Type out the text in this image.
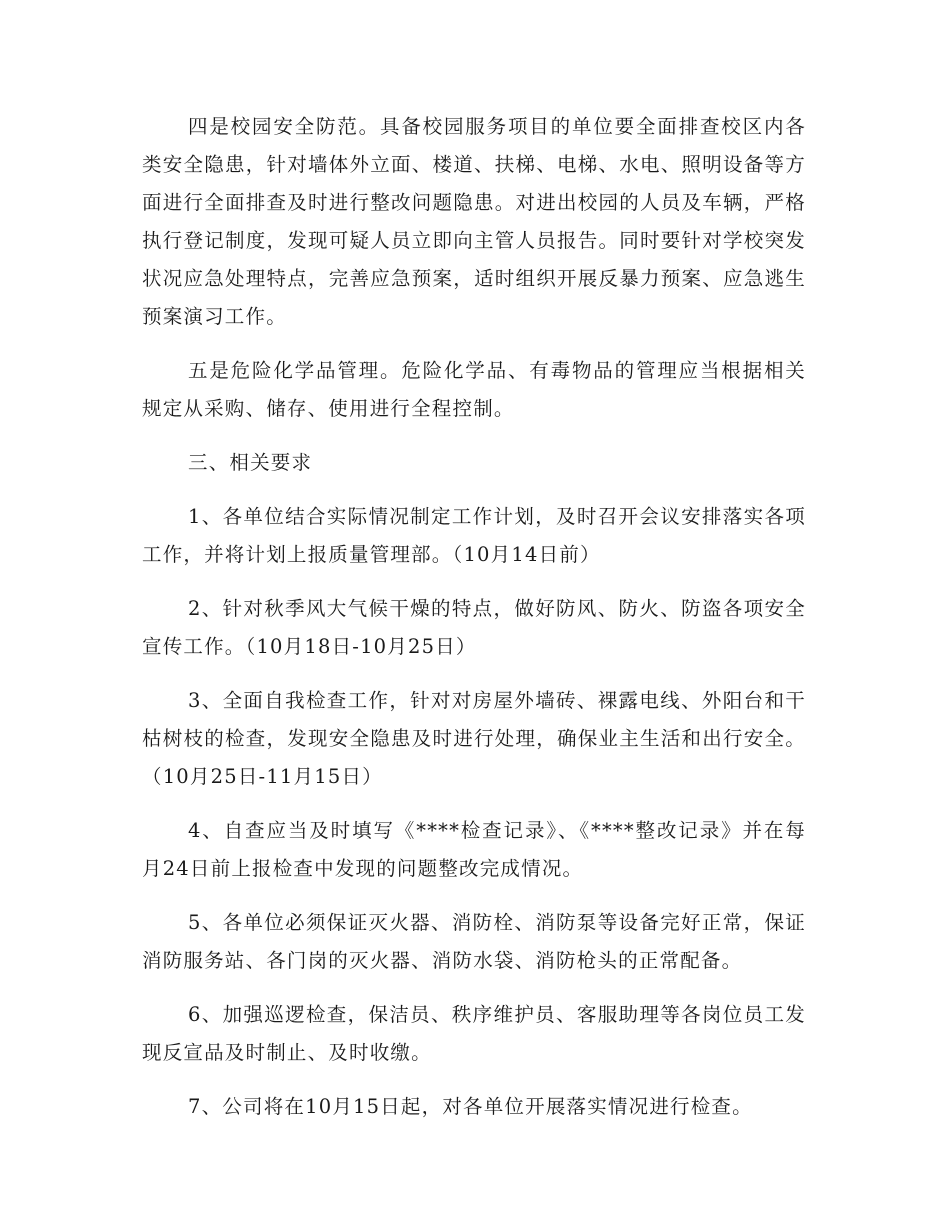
四是校园安全防范。具备校园服务项目的单位要全面排查校区内各类安全隐患，针对墙体外立面、楼道、扶梯、电梯、水电、照明设备等方面进行全面排查及时进行整改问题隐患。对进出校园的人员及车辆，严格执行登记制度，发现可疑人员立即向主管人员报告。同时要针对学校突发状况应急处理特点，完善应急预案，适时组织开展反暴力预案、应急逃生预案演习工作。

五是危险化学品管理。危险化学品、有毒物品的管理应当根据相关规定从采购、储存、使用进行全程控制。

三、相关要求

1、各单位结合实际情况制定工作计划，及时召开会议安排落实各项工作，并将计划上报质量管理部。（10月14日前）

2、针对秋季风大气候干燥的特点，做好防风、防火、防盗各项安全宣传工作。（10月18日-10月25日）

3、全面自我检查工作，针对对房屋外墙砖、裸露电线、外阳台和干枯树枝的检查，发现安全隐患及时进行处理，确保业主生活和出行安全。（10月25日-11月15日）

4、自查应当及时填写《****检查记录》、《****整改记录》并在每月24日前上报检查中发现的问题整改完成情况。

5、各单位必须保证灭火器、消防栓、消防泵等设备完好正常，保证消防服务站、各门岗的灭火器、消防水袋、消防枪头的正常配备。

6、加强巡逻检查，保洁员、秩序维护员、客服助理等各岗位员工发现反宣品及时制止、及时收缴。

7、公司将在10月15日起，对各单位开展落实情况进行检查。
